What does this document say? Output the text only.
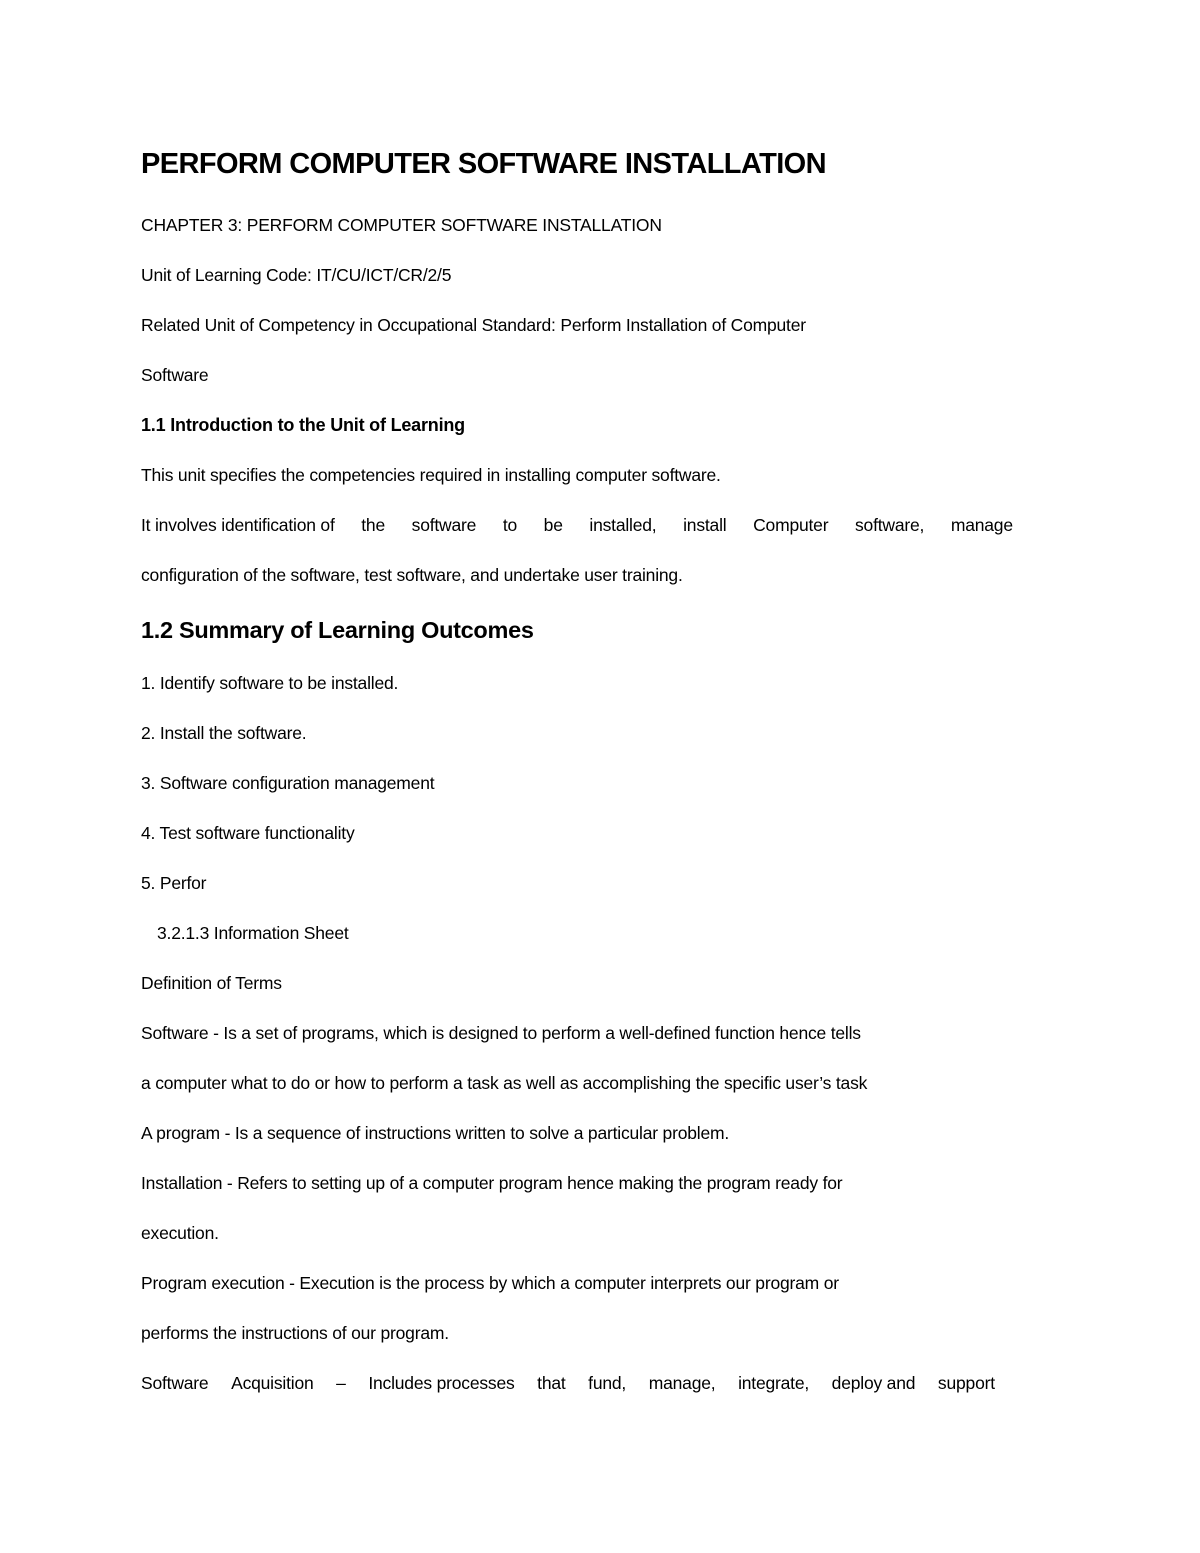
PERFORM COMPUTER SOFTWARE INSTALLATION

CHAPTER 3: PERFORM COMPUTER SOFTWARE INSTALLATION

Unit of Learning Code: IT/CU/ICT/CR/2/5

Related Unit of Competency in Occupational Standard: Perform Installation of Computer

Software

1.1 Introduction to the Unit of Learning

This unit specifies the competencies required in installing computer software.

It involves identification of the software to be installed, install Computer software, manage

configuration of the software, test software, and undertake user training.

1.2 Summary of Learning Outcomes

1. Identify software to be installed.

2. Install the software.

3. Software configuration management

4. Test software functionality

5. Perfor

3.2.1.3 Information Sheet

Definition of Terms

Software - Is a set of programs, which is designed to perform a well-defined function hence tells

a computer what to do or how to perform a task as well as accomplishing the specific user’s task

A program - Is a sequence of instructions written to solve a particular problem.

Installation - Refers to setting up of a computer program hence making the program ready for

execution.

Program execution - Execution is the process by which a computer interprets our program or

performs the instructions of our program.

Software Acquisition – Includes processes that fund, manage, integrate, deploy and support
